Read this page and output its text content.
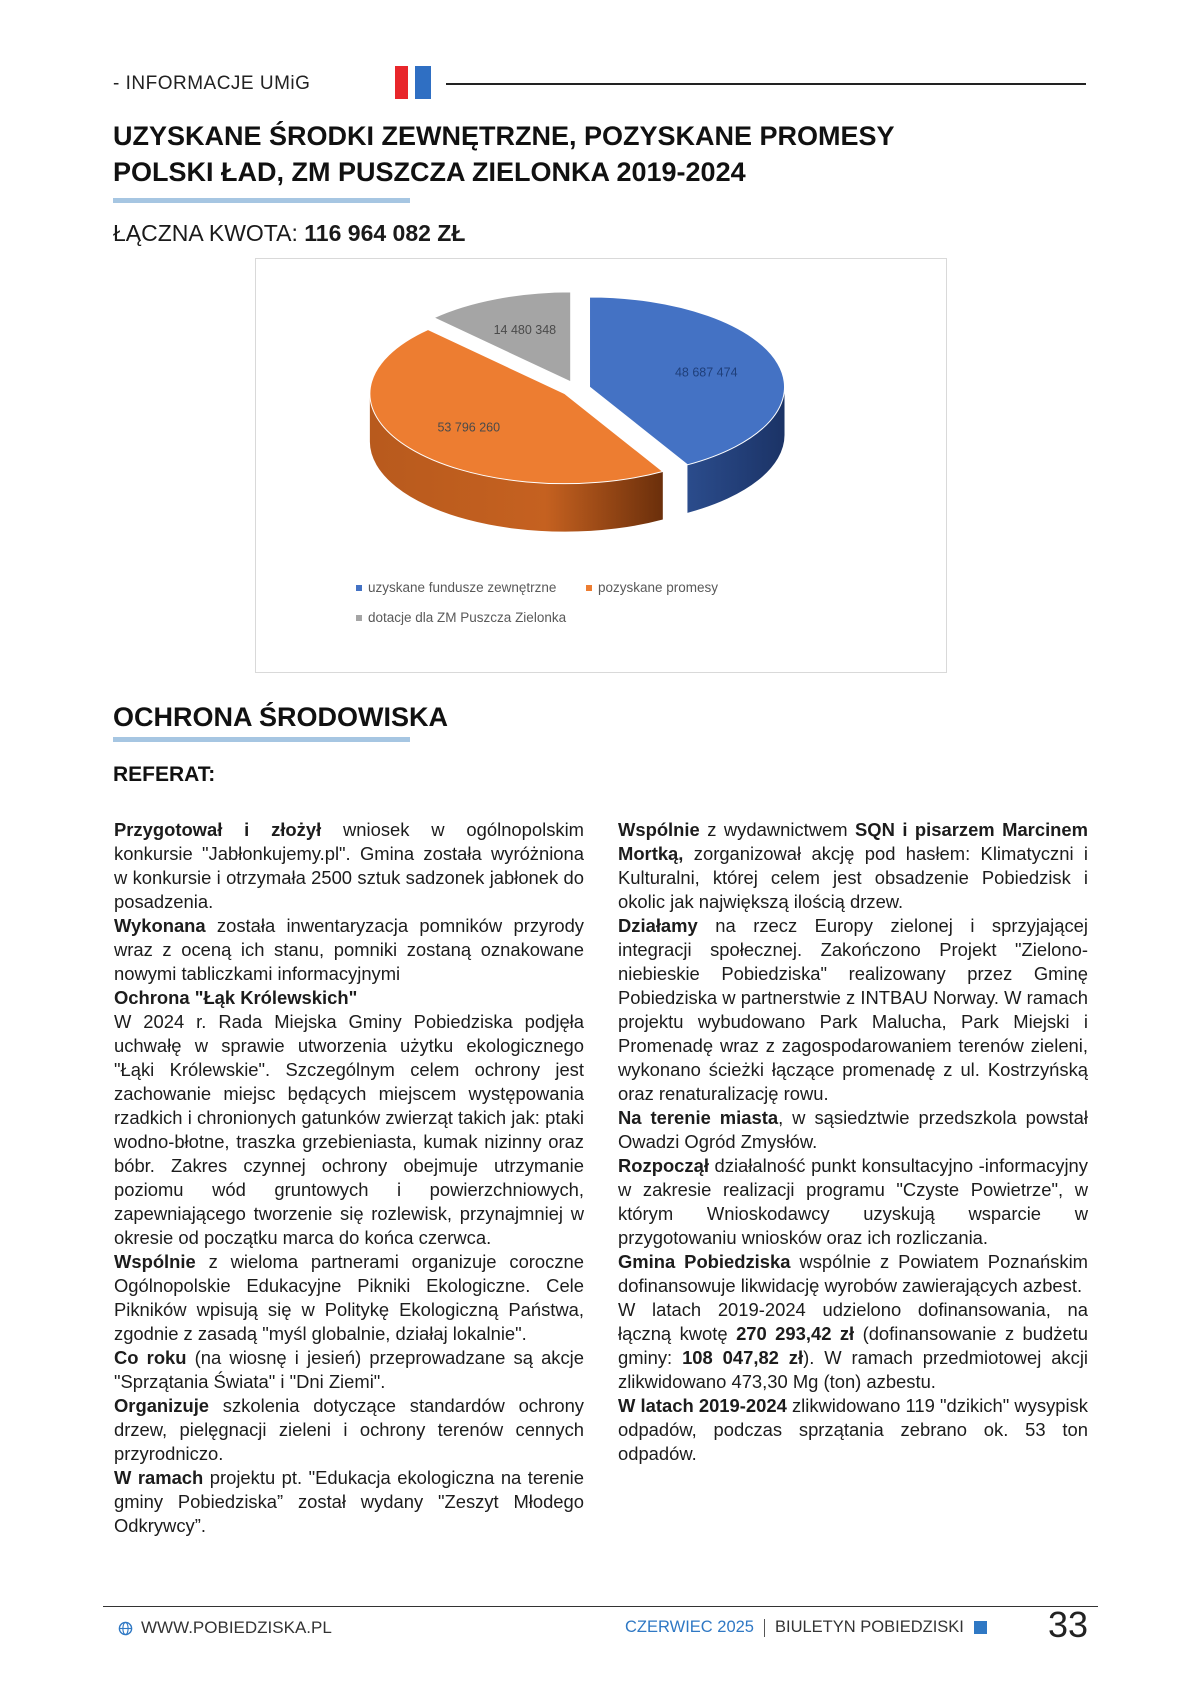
- INFORMACJE UMiG
UZYSKANE ŚRODKI ZEWNĘTRZNE, POZYSKANE PROMESY
POLSKI ŁAD, ZM PUSZCZA ZIELONKA 2019-2024
ŁĄCZNA KWOTA: 116 964 082 ZŁ
48 687 474
53 796 260
14 480 348
uzyskane fundusze zewnętrzne	pozyskane promesy
dotacje dla ZM Puszcza Zielonka
OCHRONA ŚRODOWISKA
REFERAT:

Przygotował i złożył wniosek w ogólnopolskim konkursie "Jabłonkujemy.pl". Gmina została wyróżniona w konkursie i otrzymała 2500 sztuk sadzonek jabłonek do posadzenia.

Wykonana została inwentaryzacja pomników przyrody wraz z oceną ich stanu, pomniki zostaną oznakowane nowymi tabliczkami informacyjnymi

Ochrona "Łąk Królewskich"

W 2024 r. Rada Miejska Gminy Pobiedziska podjęła uchwałę w sprawie utworzenia użytku ekologicznego "Łąki Królewskie". Szczególnym celem ochrony jest zachowanie miejsc będących miejscem występowania rzadkich i chronionych gatunków zwierząt takich jak: ptaki wodno-błotne, traszka grzebieniasta, kumak nizinny oraz bóbr. Zakres czynnej ochrony obejmuje utrzymanie poziomu wód gruntowych i powierzchniowych, zapewniającego tworzenie się rozlewisk, przynajmniej w okresie od początku marca do końca czerwca.

Wspólnie z wieloma partnerami organizuje coroczne Ogólnopolskie Edukacyjne Pikniki Ekologiczne. Cele Pikników wpisują się w Politykę Ekologiczną Państwa, zgodnie z zasadą "myśl globalnie, działaj lokalnie".

Co roku (na wiosnę i jesień) przeprowadzane są akcje "Sprzątania Świata" i "Dni Ziemi".

Organizuje szkolenia dotyczące standardów ochrony drzew, pielęgnacji zieleni i ochrony terenów cennych przyrodniczo.

W ramach projektu pt. "Edukacja ekologiczna na terenie gminy Pobiedziska” został wydany "Zeszyt Młodego Odkrywcy”.

Wspólnie z wydawnictwem SQN i pisarzem Marcinem Mortką, zorganizował akcję pod hasłem: Klimatyczni i Kulturalni, której celem jest obsadzenie Pobiedzisk i okolic jak największą ilością drzew.

Działamy na rzecz Europy zielonej i sprzyjającej integracji społecznej. Zakończono Projekt "Zielono-niebieskie Pobiedziska" realizowany przez Gminę Pobiedziska w partnerstwie z INTBAU Norway. W ramach projektu wybudowano Park Malucha, Park Miejski i Promenadę wraz z zagospodarowaniem terenów zieleni, wykonano ścieżki łączące promenadę z ul. Kostrzyńską oraz renaturalizację rowu.

Na terenie miasta, w sąsiedztwie przedszkola powstał Owadzi Ogród Zmysłów.

Rozpoczął działalność punkt konsultacyjno -informacyjny w zakresie realizacji programu "Czyste Powietrze", w którym Wnioskodawcy uzyskują wsparcie w przygotowaniu wniosków oraz ich rozliczania.

Gmina Pobiedziska wspólnie z Powiatem Poznańskim dofinansowuje likwidację wyrobów zawierających azbest.

W latach 2019-2024 udzielono dofinansowania, na łączną kwotę 270 293,42 zł (dofinansowanie z budżetu gminy: 108 047,82 zł). W ramach przedmiotowej akcji zlikwidowano 473,30 Mg (ton) azbestu.

W latach 2019-2024 zlikwidowano 119 "dzikich" wysypisk odpadów, podczas sprzątania zebrano ok. 53 ton odpadów.

WWW.POBIEDZISKA.PL	CZERWIEC 2025 BIULETYN POBIEDZISKI 33
